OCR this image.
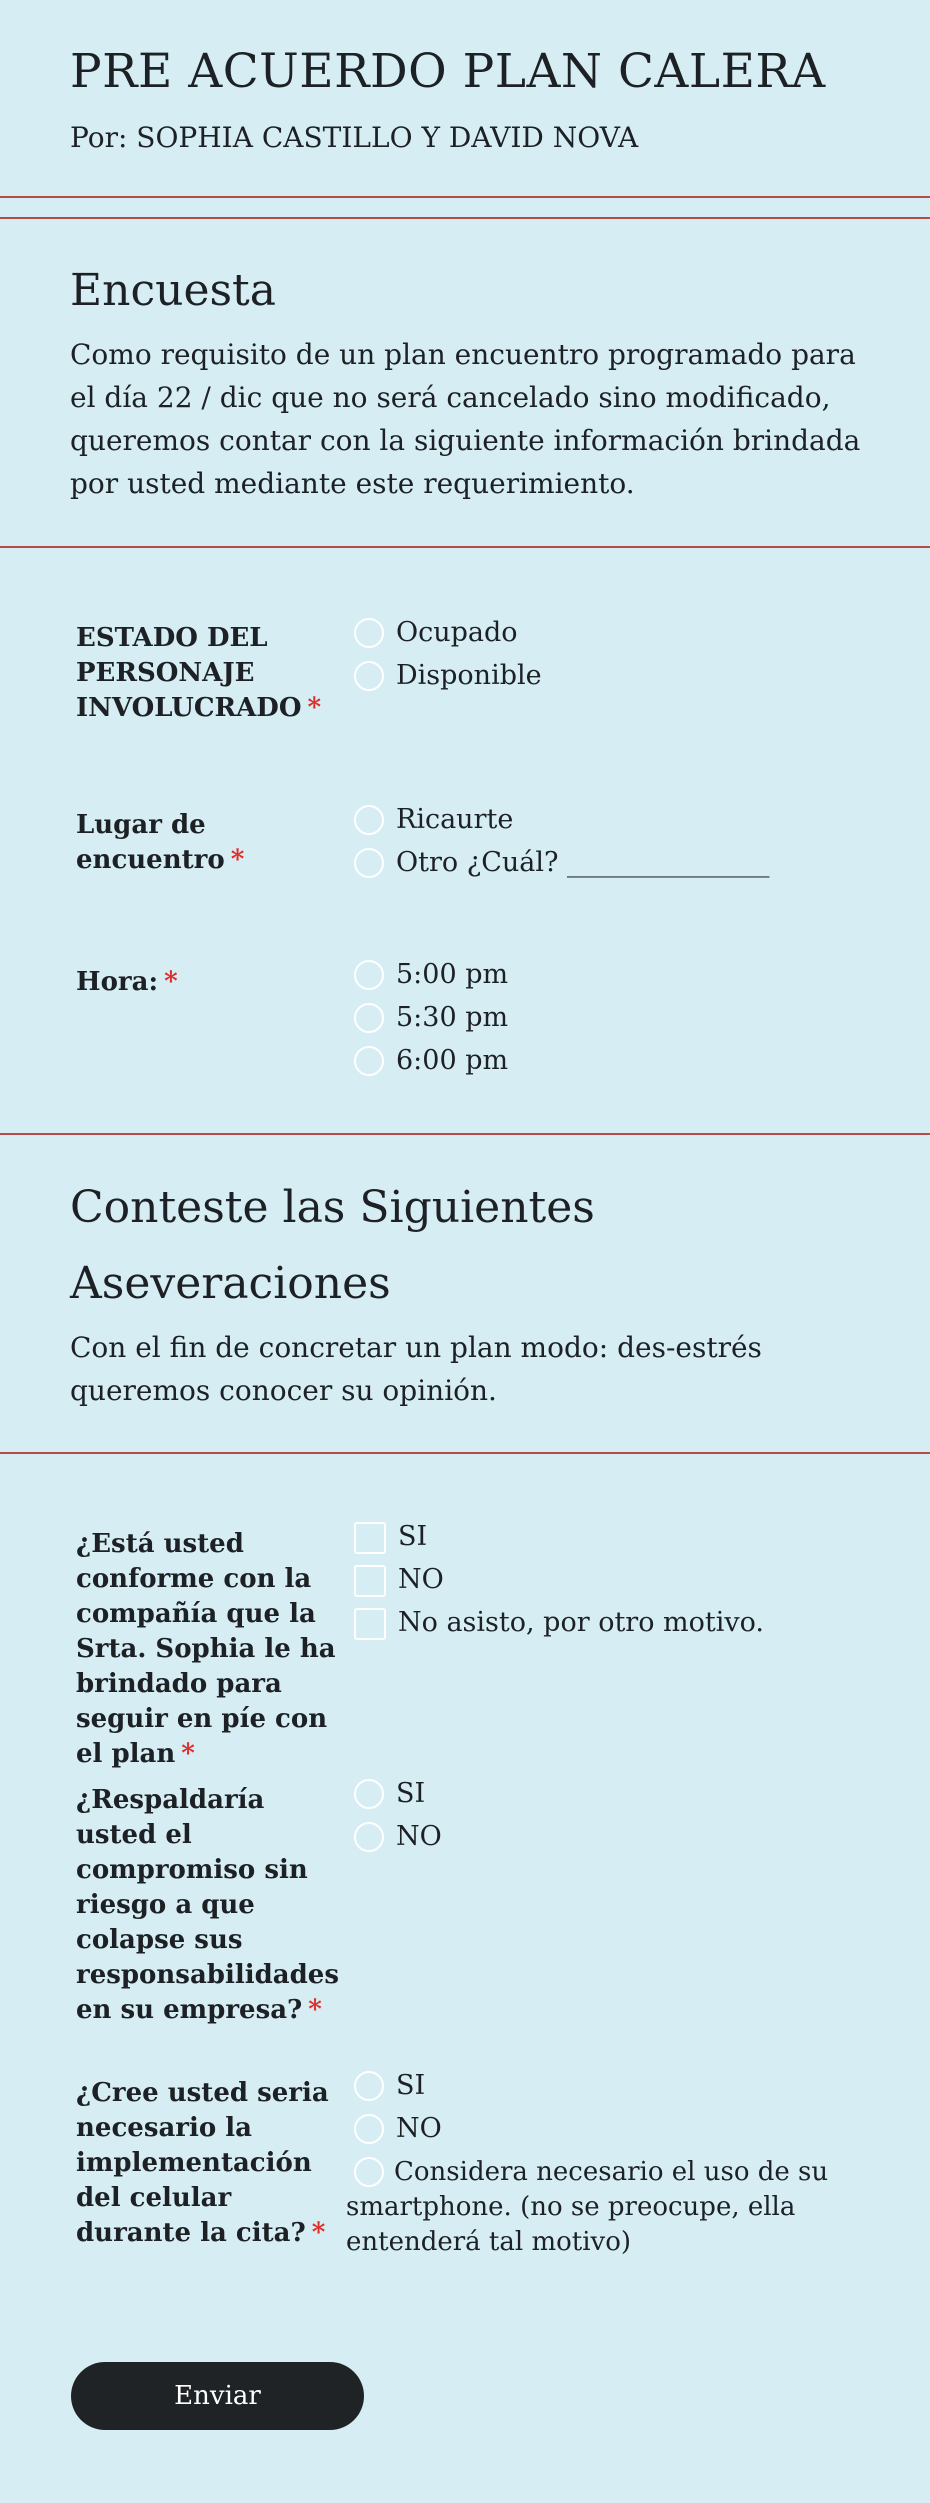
PRE ACUERDO PLAN CALERA
Por: SOPHIA CASTILLO Y DAVID NOVA
Encuesta

Como requisito de un plan encuentro programado para el día 22 / dic que no será cancelado sino modificado, queremos contar con la siguiente información brindada por usted mediante este requerimiento.

ESTADO DEL PERSONAJE INVOLUCRADO *
Ocupado
Disponible
Lugar de encuentro *
Ricaurte
Otro ¿Cuál? _______________
Hora: *	5:00 pm
5:30 pm
6:00 pm
Conteste las Siguientes Aseveraciones

Con el fin de concretar un plan modo: des-estrés queremos conocer su opinión.

¿Está usted conforme con la compañía que la Srta. Sophia le ha brindado para seguir en píe con el plan *
SI
NO
No asisto, por otro motivo.
¿Respaldaría usted el compromiso sin riesgo a que colapse sus responsabilidades en su empresa? *
SI
NO
¿Cree usted seria necesario la implementación del celular durante la cita? *
SI
NO
Considera necesario el uso de su smartphone. (no se preocupe, ella entenderá tal motivo)
Enviar
